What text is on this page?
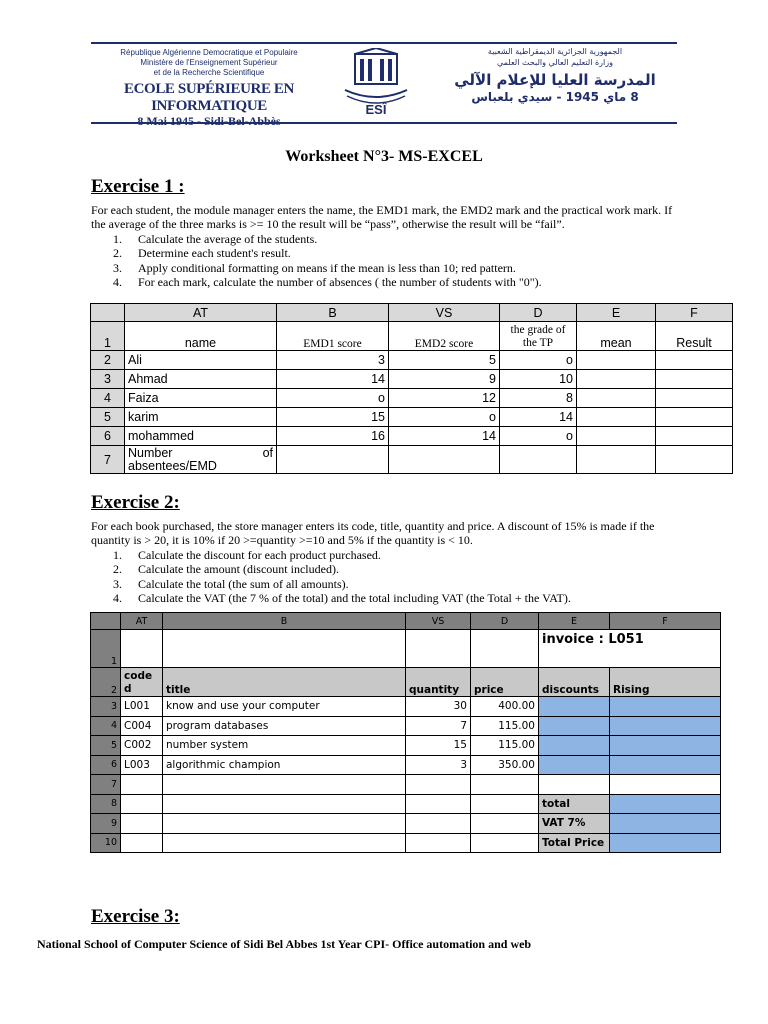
République Algérienne Democratique et Populaire
Ministère de l'Enseignement Supérieur
et de la Recherche Scientifique
ECOLE SUPÉRIEURE EN INFORMATIQUE
8 Mai 1945 - Sidi-Bel-Abbès
ESÎ
الجمهورية الجزائرية الديمقراطية الشعبية
وزارة التعليم العالي والبحث العلمي
المدرسة العليا للإعلام الآلي
8 ماي 1945 - سيدي بلعباس
Worksheet N°3- MS-EXCEL
Exercise 1 :
For each student, the module manager enters the name, the EMD1 mark, the EMD2 mark and the practical work mark. If the average of the three marks is >= 10 the result will be “pass”, otherwise the result will be “fail”.
1. Calculate the average of the students.
2. Determine each student's result.
3. Apply conditional formatting on means if the mean is less than 10; red pattern.
4. For each mark, calculate the number of absences ( the number of students with "0").
	AT	B	VS	D	E	F
1	name	EMD1 score	EMD2 score	the grade of the TP	mean	Result
2	Ali	3	5	o		
3	Ahmad	14	9	10		
4	Faiza	o	12	8		
5	karim	15	o	14		
6	mohammed	16	14	o		
7	Number of absentees/EMD					
Exercise 2:
For each book purchased, the store manager enters its code, title, quantity and price. A discount of 15% is made if the quantity is > 20, it is 10% if 20 >=quantity >=10 and 5% if the quantity is < 10.
1. Calculate the discount for each product purchased.
2. Calculate the amount (discount included).
3. Calculate the total (the sum of all amounts).
4. Calculate the VAT (the 7 % of the total) and the total including VAT (the Total + the VAT).
	AT	B	VS	D	E	F
1					invoice : L051	
2	code d	title	quantity	price	discounts	Rising
3	L001	know and use your computer	30	400.00		
4	C004	program databases	7	115.00		
5	C002	number system	15	115.00		
6	L003	algorithmic champion	3	350.00		
7						
8					total	
9					VAT 7%	
10					Total Price	
Exercise 3:
National School of Computer Science of Sidi Bel Abbes 1st Year CPI- Office automation and web
